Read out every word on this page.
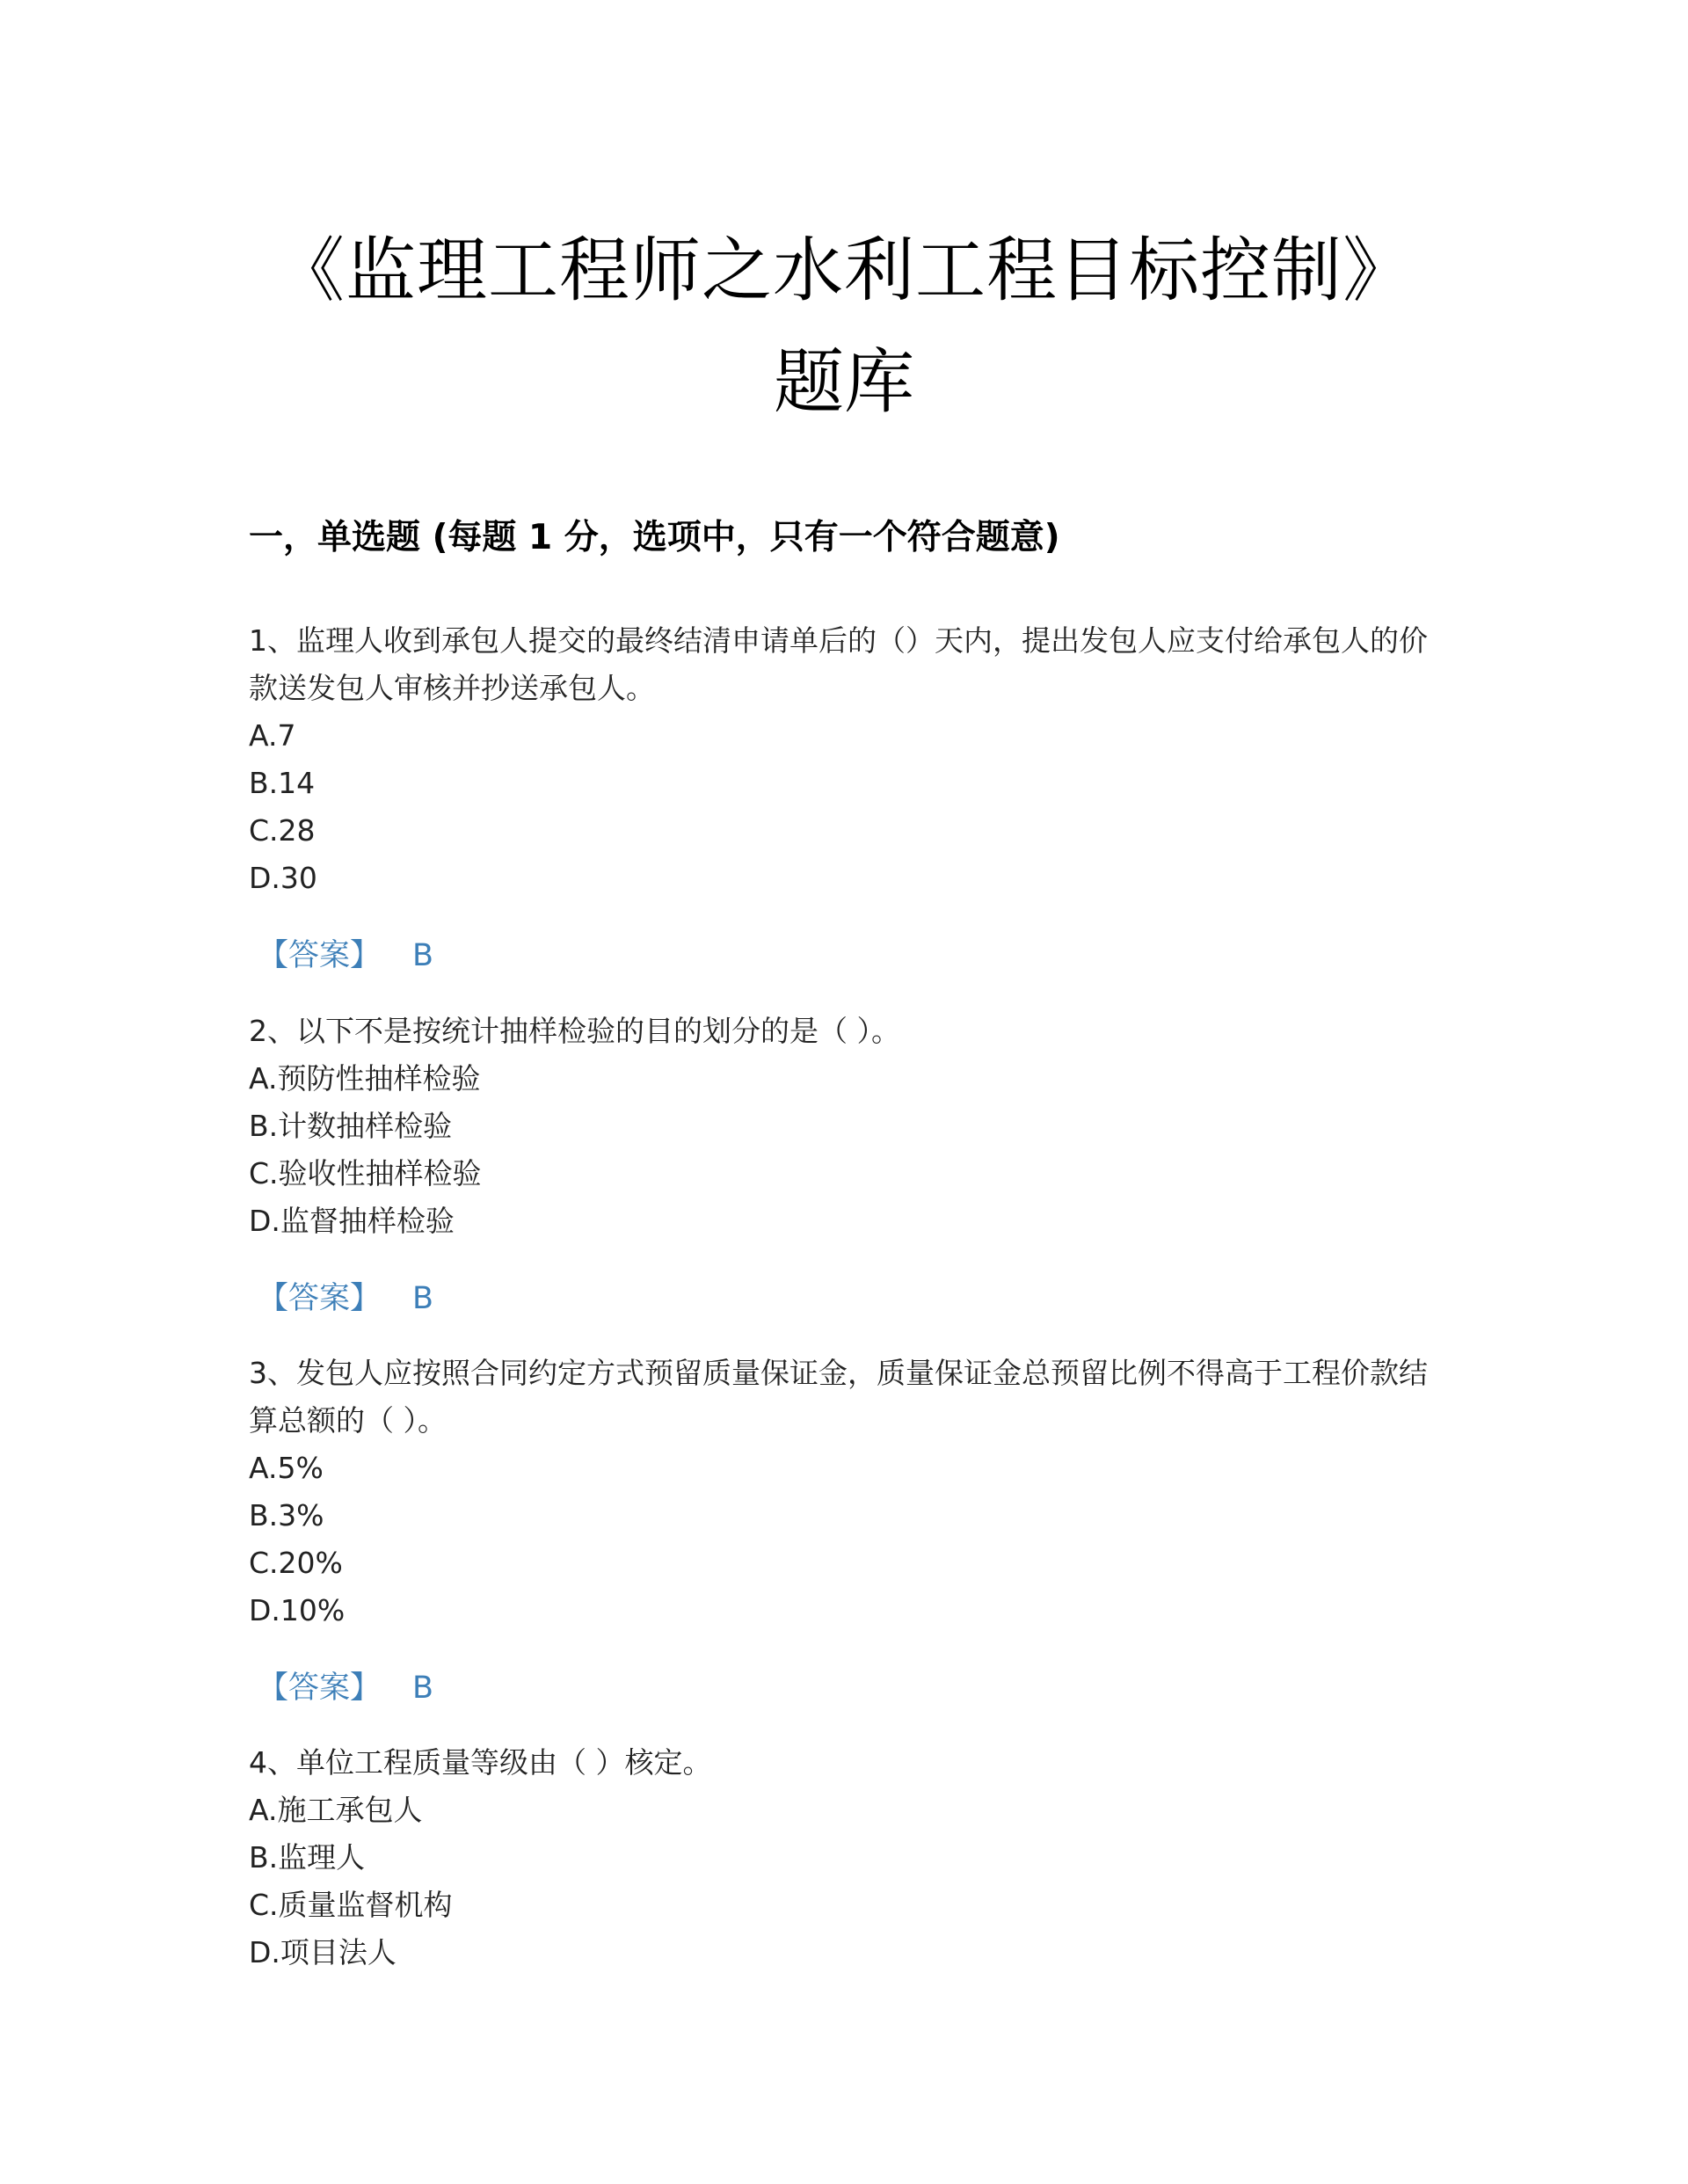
《监理工程师之水利工程目标控制》
题库
一，单选题 (每题 1 分，选项中，只有一个符合题意)

1、监理人收到承包人提交的最终结清申请单后的（）天内，提出发包人应支付给承包人的价款送发包人审核并抄送承包人。

A.7
B.14
C.28
D.30
【答案】 B

2、以下不是按统计抽样检验的目的划分的是（ ）。

A.预防性抽样检验
B.计数抽样检验
C.验收性抽样检验
D.监督抽样检验
【答案】 B

3、发包人应按照合同约定方式预留质量保证金，质量保证金总预留比例不得高于工程价款结算总额的（ ）。

A.5%
B.3%
C.20%
D.10%
【答案】 B

4、单位工程质量等级由（ ）核定。

A.施工承包人
B.监理人
C.质量监督机构
D.项目法人
